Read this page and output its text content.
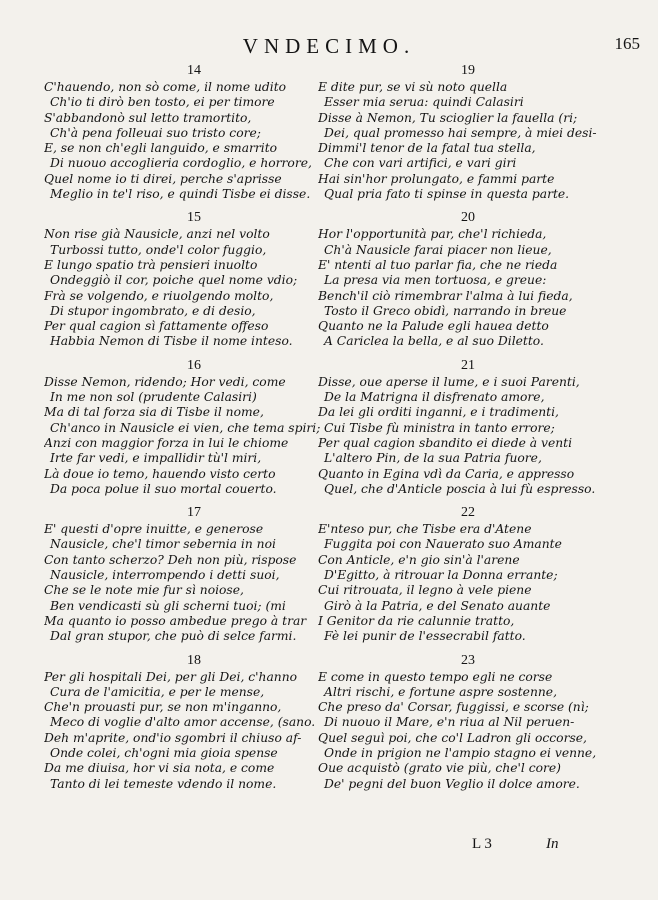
VNDECIMO.	165
14
C'hauendo, non sò come, il nome udito
Ch'io ti dirò ben tosto, ei per timore
S'abbandonò sul letto tramortito,
Ch'à pena folleuai suo tristo core;
E, se non ch'egli languido, e smarrito
Di nuouo accoglieria cordoglio, e horrore,
Quel nome io ti direi, perche s'aprisse
Meglio in te'l riso, e quindi Tisbe ei disse.
15
Non rise già Nausicle, anzi nel volto
Turbossi tutto, onde'l color fuggio,
E lungo spatio trà pensieri inuolto
Ondeggiò il cor, poiche quel nome vdio;
Frà se volgendo, e riuolgendo molto,
Di stupor ingombrato, e di desio,
Per qual cagion sì fattamente offeso
Habbia Nemon di Tisbe il nome inteso.
16
Disse Nemon, ridendo; Hor vedi, come
In me non sol (prudente Calasiri)
Ma di tal forza sia di Tisbe il nome,
Ch'anco in Nausicle ei vien, che tema spiri;
Anzi con maggior forza in lui le chiome
Irte far vedi, e impallidir tù'l miri,
Là doue io temo, hauendo visto certo
Da poca polue il suo mortal couerto.
17
E' questi d'opre inuitte, e generose
Nausicle, che'l timor sebernia in noi
Con tanto scherzo? Deh non più, rispose
Nausicle, interrompendo i detti suoi,
Che se le note mie fur sì noiose,
Ben vendicasti sù gli scherni tuoi; (mi
Ma quanto io posso ambedue prego à trar
Dal gran stupor, che può di selce farmi.
18
Per gli hospitali Dei, per gli Dei, c'hanno
Cura de l'amicitia, e per le mense,
Che'n prouasti pur, se non m'inganno,
Meco di voglie d'alto amor accense, (sano.
Deh m'aprite, ond'io sgombri il chiuso af-
Onde colei, ch'ogni mia gioia spense
Da me diuisa, hor vi sia nota, e come
Tanto di lei temeste vdendo il nome.
19
E dite pur, se vi sù noto quella
Esser mia serua: quindi Calasiri
Disse à Nemon, Tu scioglier la fauella (ri;
Dei, qual promesso hai sempre, à miei desi-
Dimmi'l tenor de la fatal tua stella,
Che con vari artifici, e vari giri
Hai sin'hor prolungato, e fammi parte
Qual pria fato ti spinse in questa parte.
20
Hor l'opportunità par, che'l richieda,
Ch'à Nausicle farai piacer non lieue,
E' ntenti al tuo parlar fia, che ne rieda
La presa via men tortuosa, e greue:
Bench'il ciò rimembrar l'alma à lui fieda,
Tosto il Greco obidì, narrando in breue
Quanto ne la Palude egli hauea detto
A Cariclea la bella, e al suo Diletto.
21
Disse, oue aperse il lume, e i suoi Parenti,
De la Matrigna il disfrenato amore,
Da lei gli orditi inganni, e i tradimenti,
Cui Tisbe fù ministra in tanto errore;
Per qual cagion sbandito ei diede à venti
L'altero Pin, de la sua Patria fuore,
Quanto in Egina vdì da Caria, e appresso
Quel, che d'Anticle poscia à lui fù espresso.
22
E'nteso pur, che Tisbe era d'Atene
Fuggita poi con Nauerato suo Amante
Con Anticle, e'n gio sin'à l'arene
D'Egitto, à ritrouar la Donna errante;
Cui ritrouata, il legno à vele piene
Girò à la Patria, e del Senato auante
I Genitor da rie calunnie tratto,
Fè lei punir de l'essecrabil fatto.
23
E come in questo tempo egli ne corse
Altri rischi, e fortune aspre sostenne,
Che preso da' Corsar, fuggissi, e scorse (nì;
Di nuouo il Mare, e'n riua al Nil peruen-
Quel seguì poi, che co'l Ladron gli occorse,
Onde in prigion ne l'ampio stagno ei venne,
Oue acquistò (grato vie più, che'l core)
De' pegni del buon Veglio il dolce amore.
L 3	In
